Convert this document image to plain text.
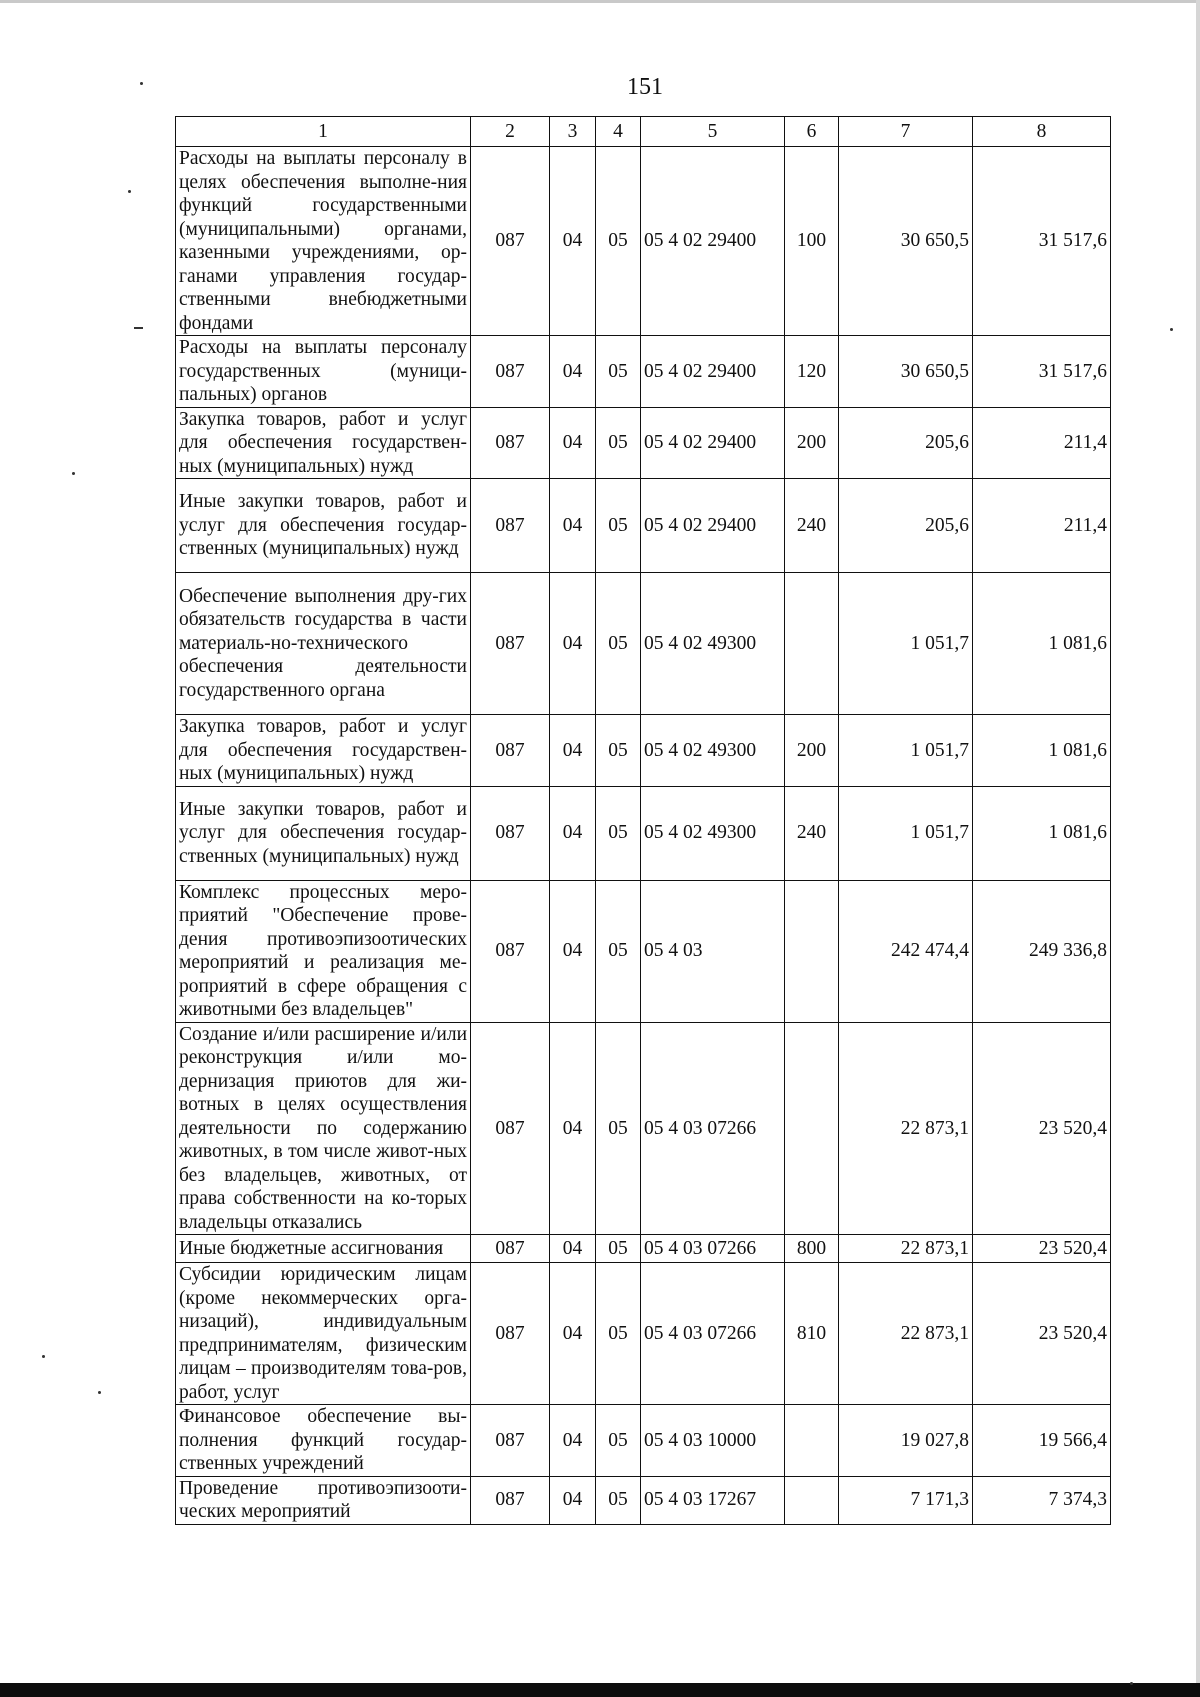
151
1	2	3	4	5	6	7	8
Расходы на выплаты персоналу в целях обеспечения выполне-ния функций государственными (муниципальными) органами, казенными учреждениями, ор-ганами управления государ-ственными внебюджетными фондами	087	04	05	05 4 02 29400	100	30 650,5	31 517,6
Расходы на выплаты персоналу государственных (муници-пальных) органов	087	04	05	05 4 02 29400	120	30 650,5	31 517,6
Закупка товаров, работ и услуг для обеспечения государствен-ных (муниципальных) нужд	087	04	05	05 4 02 29400	200	205,6	211,4
Иные закупки товаров, работ и услуг для обеспечения государ-ственных (муниципальных) нужд	087	04	05	05 4 02 29400	240	205,6	211,4
Обеспечение выполнения дру-гих обязательств государства в части материаль-но-технического обеспечения деятельности государственного органа	087	04	05	05 4 02 49300		1 051,7	1 081,6
Закупка товаров, работ и услуг для обеспечения государствен-ных (муниципальных) нужд	087	04	05	05 4 02 49300	200	1 051,7	1 081,6
Иные закупки товаров, работ и услуг для обеспечения государ-ственных (муниципальных) нужд	087	04	05	05 4 02 49300	240	1 051,7	1 081,6
Комплекс процессных меро-приятий "Обеспечение прове-дения противоэпизоотических мероприятий и реализация ме-роприятий в сфере обращения с животными без владельцев"	087	04	05	05 4 03		242 474,4	249 336,8
Создание и/или расширение и/или реконструкция и/или мо-дернизация приютов для жи-вотных в целях осуществления деятельности по содержанию животных, в том числе живот-ных без владельцев, животных, от права собственности на ко-торых владельцы отказались	087	04	05	05 4 03 07266		22 873,1	23 520,4
Иные бюджетные ассигнования	087	04	05	05 4 03 07266	800	22 873,1	23 520,4
Субсидии юридическим лицам (кроме некоммерческих орга-низаций), индивидуальным предпринимателям, физическим лицам – производителям това-ров, работ, услуг	087	04	05	05 4 03 07266	810	22 873,1	23 520,4
Финансовое обеспечение вы-полнения функций государ-ственных учреждений	087	04	05	05 4 03 10000		19 027,8	19 566,4
Проведение противоэпизооти-ческих мероприятий	087	04	05	05 4 03 17267		7 171,3	7 374,3
